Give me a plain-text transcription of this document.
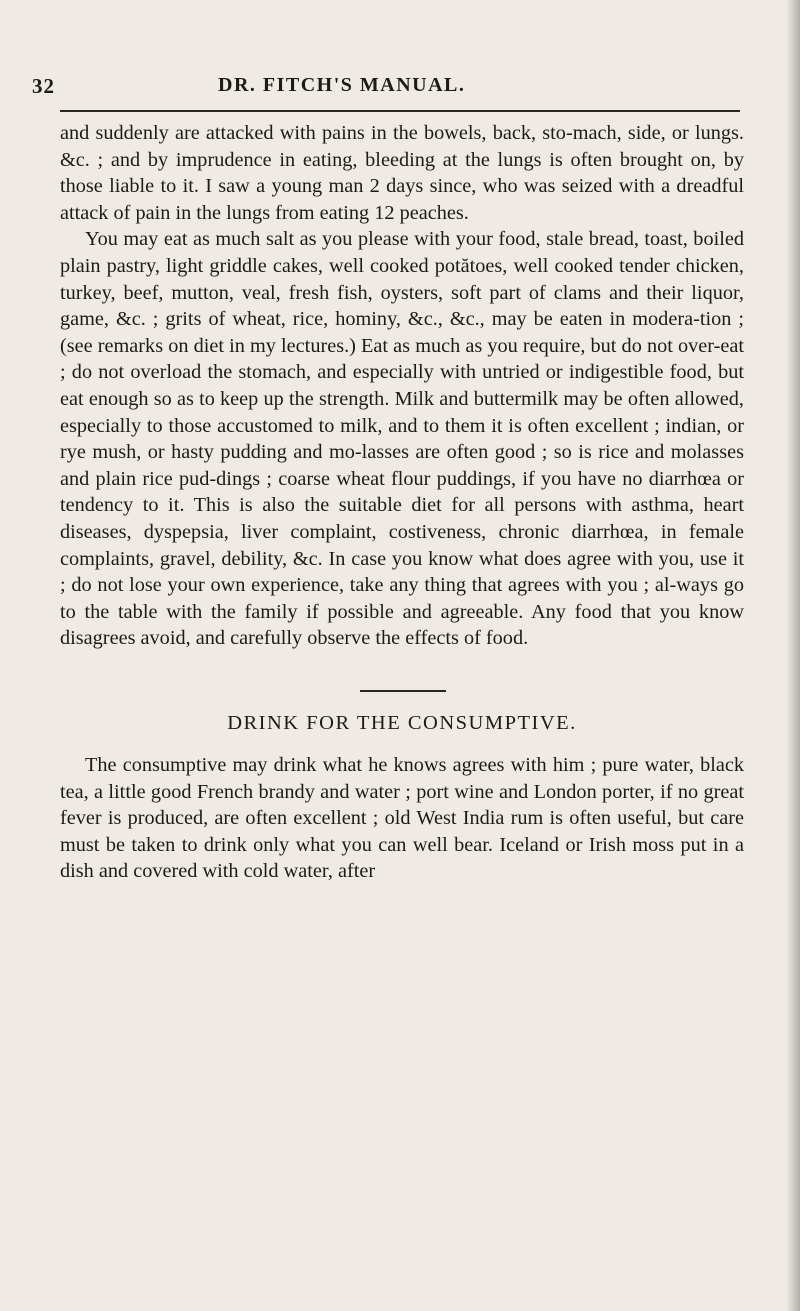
32	DR. FITCH'S MANUAL.

and suddenly are attacked with pains in the bowels, back, sto-mach, side, or lungs. &c. ; and by imprudence in eating, bleeding at the lungs is often brought on, by those liable to it. I saw a young man 2 days since, who was seized with a dreadful attack of pain in the lungs from eating 12 peaches.

You may eat as much salt as you please with your food, stale bread, toast, boiled plain pastry, light griddle cakes, well cooked potătoes, well cooked tender chicken, turkey, beef, mutton, veal, fresh fish, oysters, soft part of clams and their liquor, game, &c. ; grits of wheat, rice, hominy, &c., &c., may be eaten in modera-tion ; (see remarks on diet in my lectures.) Eat as much as you require, but do not over-eat ; do not overload the stomach, and especially with untried or indigestible food, but eat enough so as to keep up the strength. Milk and buttermilk may be often allowed, especially to those accustomed to milk, and to them it is often excellent ; indian, or rye mush, or hasty pudding and mo-lasses are often good ; so is rice and molasses and plain rice pud-dings ; coarse wheat flour puddings, if you have no diarrhœa or tendency to it. This is also the suitable diet for all persons with asthma, heart diseases, dyspepsia, liver complaint, costiveness, chronic diarrhœa, in female complaints, gravel, debility, &c. In case you know what does agree with you, use it ; do not lose your own experience, take any thing that agrees with you ; al-ways go to the table with the family if possible and agreeable. Any food that you know disagrees avoid, and carefully observe the effects of food.

DRINK FOR THE CONSUMPTIVE.

The consumptive may drink what he knows agrees with him ; pure water, black tea, a little good French brandy and water ; port wine and London porter, if no great fever is produced, are often excellent ; old West India rum is often useful, but care must be taken to drink only what you can well bear. Iceland or Irish moss put in a dish and covered with cold water, after
